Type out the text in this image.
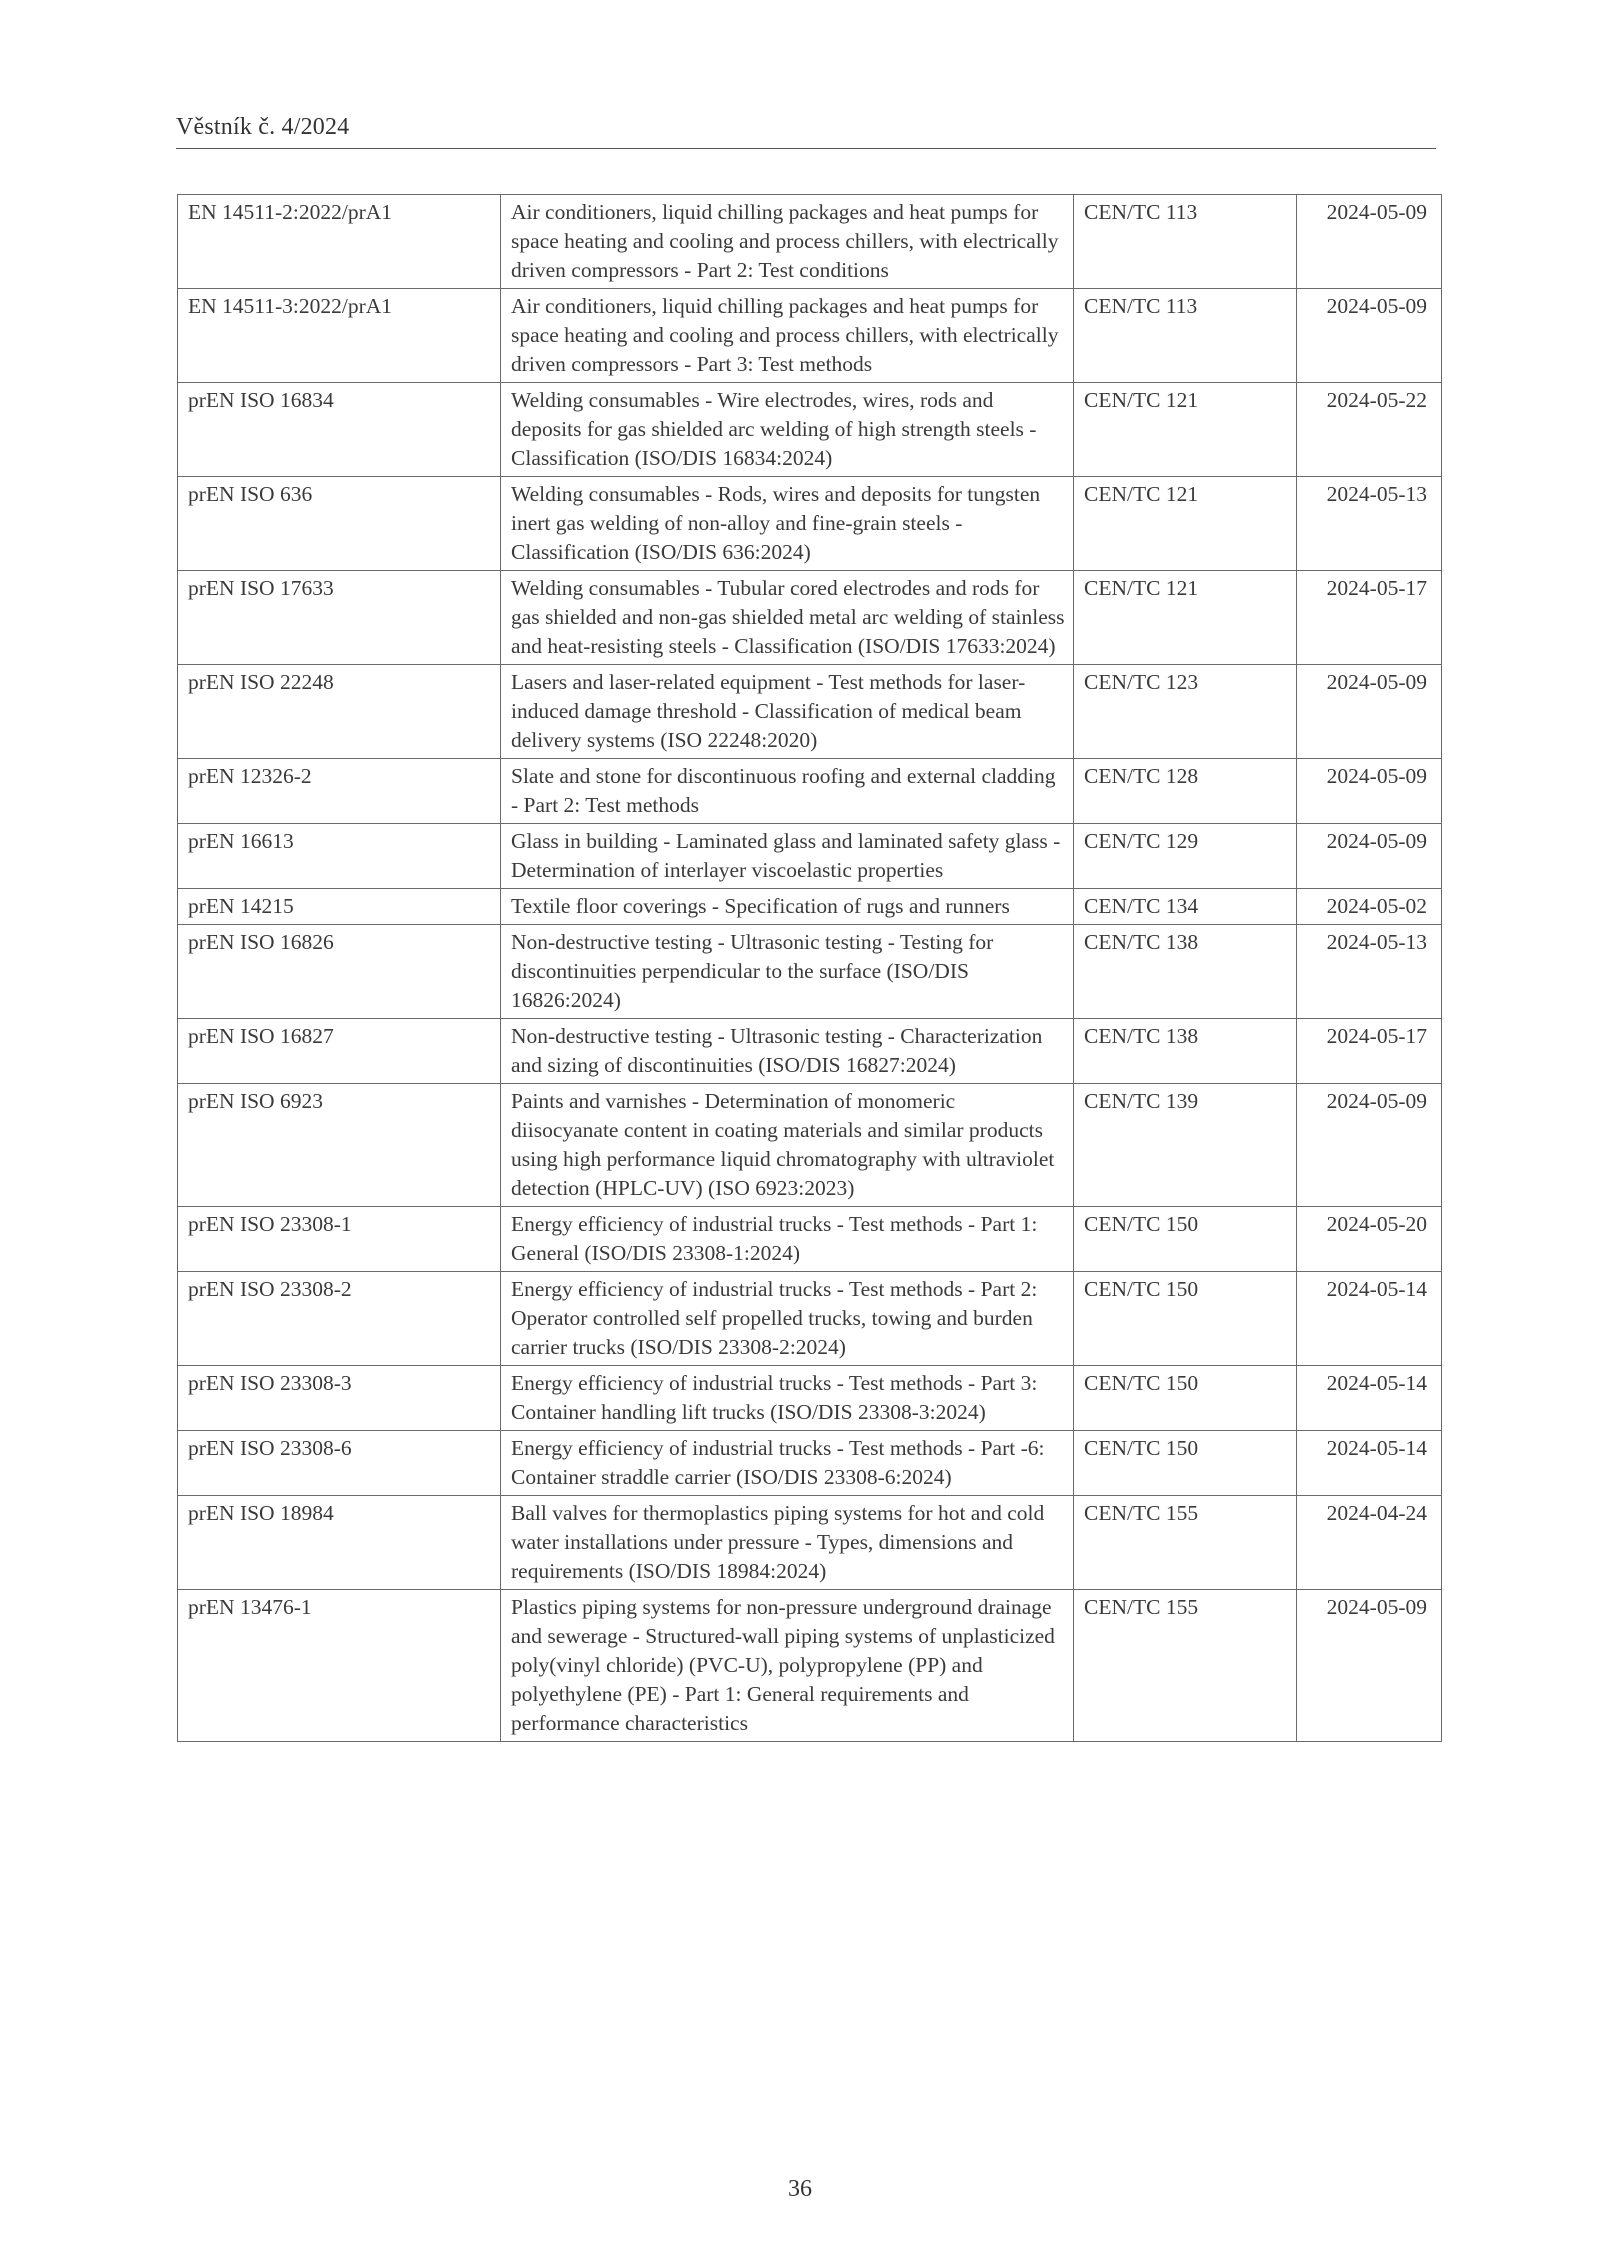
Věstník č. 4/2024
EN 14511-2:2022/prA1	Air conditioners, liquid chilling packages and heat pumps for space heating and cooling and process chillers, with electrically driven compressors - Part 2: Test conditions	CEN/TC 113	2024-05-09
EN 14511-3:2022/prA1	Air conditioners, liquid chilling packages and heat pumps for space heating and cooling and process chillers, with electrically driven compressors - Part 3: Test methods	CEN/TC 113	2024-05-09
prEN ISO 16834	Welding consumables - Wire electrodes, wires, rods and deposits for gas shielded arc welding of high strength steels - Classification (ISO/DIS 16834:2024)	CEN/TC 121	2024-05-22
prEN ISO 636	Welding consumables - Rods, wires and deposits for tungsten inert gas welding of non-alloy and fine-grain steels - Classification (ISO/DIS 636:2024)	CEN/TC 121	2024-05-13
prEN ISO 17633	Welding consumables - Tubular cored electrodes and rods for gas shielded and non-gas shielded metal arc welding of stainless and heat-resisting steels - Classification (ISO/DIS 17633:2024)	CEN/TC 121	2024-05-17
prEN ISO 22248	Lasers and laser-related equipment - Test methods for laser-induced damage threshold - Classification of medical beam delivery systems (ISO 22248:2020)	CEN/TC 123	2024-05-09
prEN 12326-2	Slate and stone for discontinuous roofing and external cladding - Part 2: Test methods	CEN/TC 128	2024-05-09
prEN 16613	Glass in building - Laminated glass and laminated safety glass - Determination of interlayer viscoelastic properties	CEN/TC 129	2024-05-09
prEN 14215	Textile floor coverings - Specification of rugs and runners	CEN/TC 134	2024-05-02
prEN ISO 16826	Non-destructive testing - Ultrasonic testing - Testing for discontinuities perpendicular to the surface (ISO/DIS 16826:2024)	CEN/TC 138	2024-05-13
prEN ISO 16827	Non-destructive testing - Ultrasonic testing - Characterization and sizing of discontinuities (ISO/DIS 16827:2024)	CEN/TC 138	2024-05-17
prEN ISO 6923	Paints and varnishes - Determination of monomeric diisocyanate content in coating materials and similar products using high performance liquid chromatography with ultraviolet detection (HPLC-UV) (ISO 6923:2023)	CEN/TC 139	2024-05-09
prEN ISO 23308-1	Energy efficiency of industrial trucks - Test methods - Part 1: General (ISO/DIS 23308-1:2024)	CEN/TC 150	2024-05-20
prEN ISO 23308-2	Energy efficiency of industrial trucks - Test methods - Part 2: Operator controlled self propelled trucks, towing and burden carrier trucks (ISO/DIS 23308-2:2024)	CEN/TC 150	2024-05-14
prEN ISO 23308-3	Energy efficiency of industrial trucks - Test methods - Part 3: Container handling lift trucks (ISO/DIS 23308-3:2024)	CEN/TC 150	2024-05-14
prEN ISO 23308-6	Energy efficiency of industrial trucks - Test methods - Part -6: Container straddle carrier (ISO/DIS 23308-6:2024)	CEN/TC 150	2024-05-14
prEN ISO 18984	Ball valves for thermoplastics piping systems for hot and cold water installations under pressure - Types, dimensions and requirements (ISO/DIS 18984:2024)	CEN/TC 155	2024-04-24
prEN 13476-1	Plastics piping systems for non-pressure underground drainage and sewerage - Structured-wall piping systems of unplasticized poly(vinyl chloride) (PVC-U), polypropylene (PP) and polyethylene (PE) - Part 1: General requirements and performance characteristics	CEN/TC 155	2024-05-09
36
